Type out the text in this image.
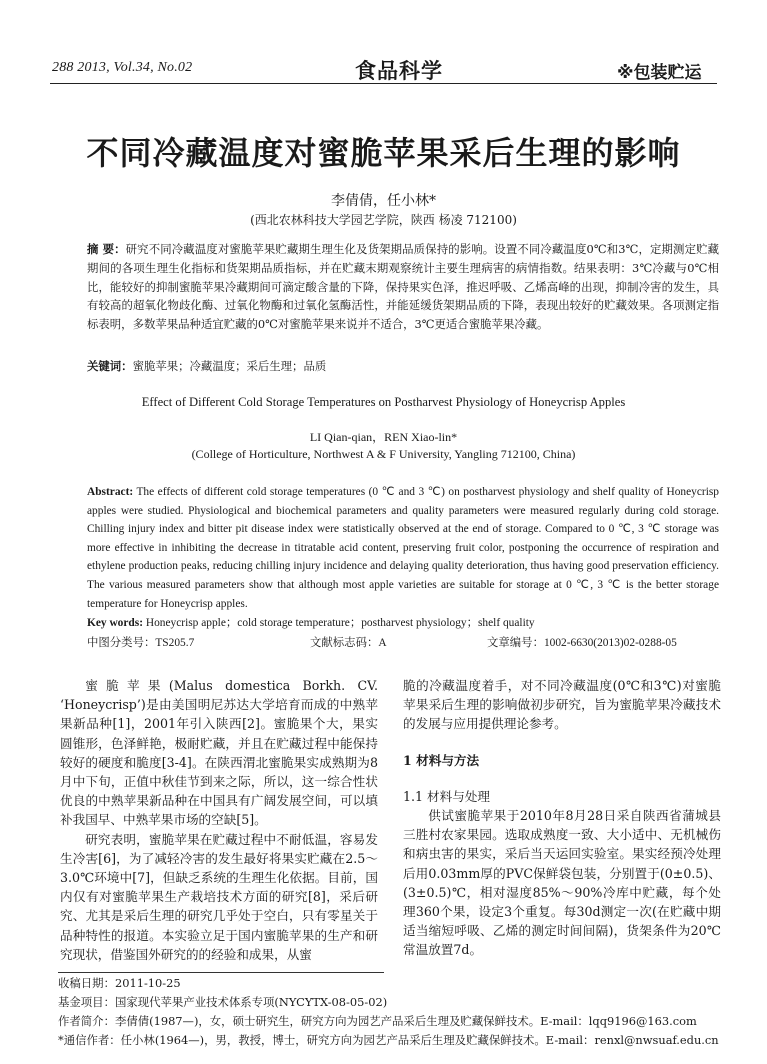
288 2013, Vol.34, No.02	食品科学	※包装贮运
不同冷藏温度对蜜脆苹果采后生理的影响
李倩倩，任小林*
(西北农林科技大学园艺学院，陕西 杨凌 712100)
摘 要：研究不同冷藏温度对蜜脆苹果贮藏期生理生化及货架期品质保持的影响。设置不同冷藏温度0℃和3℃，定期测定贮藏期间的各项生理生化指标和货架期品质指标，并在贮藏末期观察统计主要生理病害的病情指数。结果表明：3℃冷藏与0℃相比，能较好的抑制蜜脆苹果冷藏期间可滴定酸含量的下降，保持果实色泽，推迟呼吸、乙烯高峰的出现，抑制冷害的发生，具有较高的超氧化物歧化酶、过氧化物酶和过氧化氢酶活性，并能延缓货架期品质的下降，表现出较好的贮藏效果。各项测定指标表明，多数苹果品种适宜贮藏的0℃对蜜脆苹果来说并不适合，3℃更适合蜜脆苹果冷藏。
关键词：蜜脆苹果；冷藏温度；采后生理；品质
Effect of Different Cold Storage Temperatures on Postharvest Physiology of Honeycrisp Apples
LI Qian-qian，REN Xiao-lin*
(College of Horticulture, Northwest A & F University, Yangling 712100, China)
Abstract: The effects of different cold storage temperatures (0 ℃ and 3 ℃) on postharvest physiology and shelf quality of Honeycrisp apples were studied. Physiological and biochemical parameters and quality parameters were measured regularly during cold storage. Chilling injury index and bitter pit disease index were statistically observed at the end of storage. Compared to 0 ℃, 3 ℃ storage was more effective in inhibiting the decrease in titratable acid content, preserving fruit color, postponing the occurrence of respiration and ethylene production peaks, reducing chilling injury incidence and delaying quality deterioration, thus having good preservation efficiency. The various measured parameters show that although most apple varieties are suitable for storage at 0 ℃, 3 ℃ is the better storage temperature for Honeycrisp apples.
Key words: Honeycrisp apple；cold storage temperature；postharvest physiology；shelf quality
中图分类号：TS205.7	文献标志码：A	文章编号：1002-6630(2013)02-0288-05

蜜脆苹果(Malus domestica Borkh. CV. ‘Honeycrisp’)是由美国明尼苏达大学培育而成的中熟苹果新品种[1]，2001年引入陕西[2]。蜜脆果个大，果实圆锥形，色泽鲜艳，极耐贮藏，并且在贮藏过程中能保持较好的硬度和脆度[3-4]。在陕西渭北蜜脆果实成熟期为8月中下旬，正值中秋佳节到来之际，所以，这一综合性状优良的中熟苹果新品种在中国具有广阔发展空间，可以填补我国早、中熟苹果市场的空缺[5]。

研究表明，蜜脆苹果在贮藏过程中不耐低温，容易发生冷害[6]，为了减轻冷害的发生最好将果实贮藏在2.5～3.0℃环境中[7]，但缺乏系统的生理生化依据。目前，国内仅有对蜜脆苹果生产栽培技术方面的研究[8]，采后研究、尤其是采后生理的研究几乎处于空白，只有零星关于品种特性的报道。本实验立足于国内蜜脆苹果的生产和研究现状，借鉴国外研究的的经验和成果，从蜜

脆的冷藏温度着手，对不同冷藏温度(0℃和3℃)对蜜脆苹果采后生理的影响做初步研究，旨为蜜脆苹果冷藏技术的发展与应用提供理论参考。

1 材料与方法

1.1 材料与处理

供试蜜脆苹果于2010年8月28日采自陕西省蒲城县三胜村农家果园。选取成熟度一致、大小适中、无机械伤和病虫害的果实，采后当天运回实验室。果实经预冷处理后用0.03mm厚的PVC保鲜袋包装，分别置于(0±0.5)、(3±0.5)℃，相对湿度85%～90%冷库中贮藏，每个处理360个果，设定3个重复。每30d测定一次(在贮藏中期适当缩短呼吸、乙烯的测定时间间隔)，货架条件为20℃常温放置7d。

收稿日期：2011-10-25
基金项目：国家现代苹果产业技术体系专项(NYCYTX-08-05-02)
作者简介：李倩倩(1987—)，女，硕士研究生，研究方向为园艺产品采后生理及贮藏保鲜技术。E-mail：lqq9196@163.com
*通信作者：任小林(1964—)，男，教授，博士，研究方向为园艺产品采后生理及贮藏保鲜技术。E-mail：renxl@nwsuaf.edu.cn
